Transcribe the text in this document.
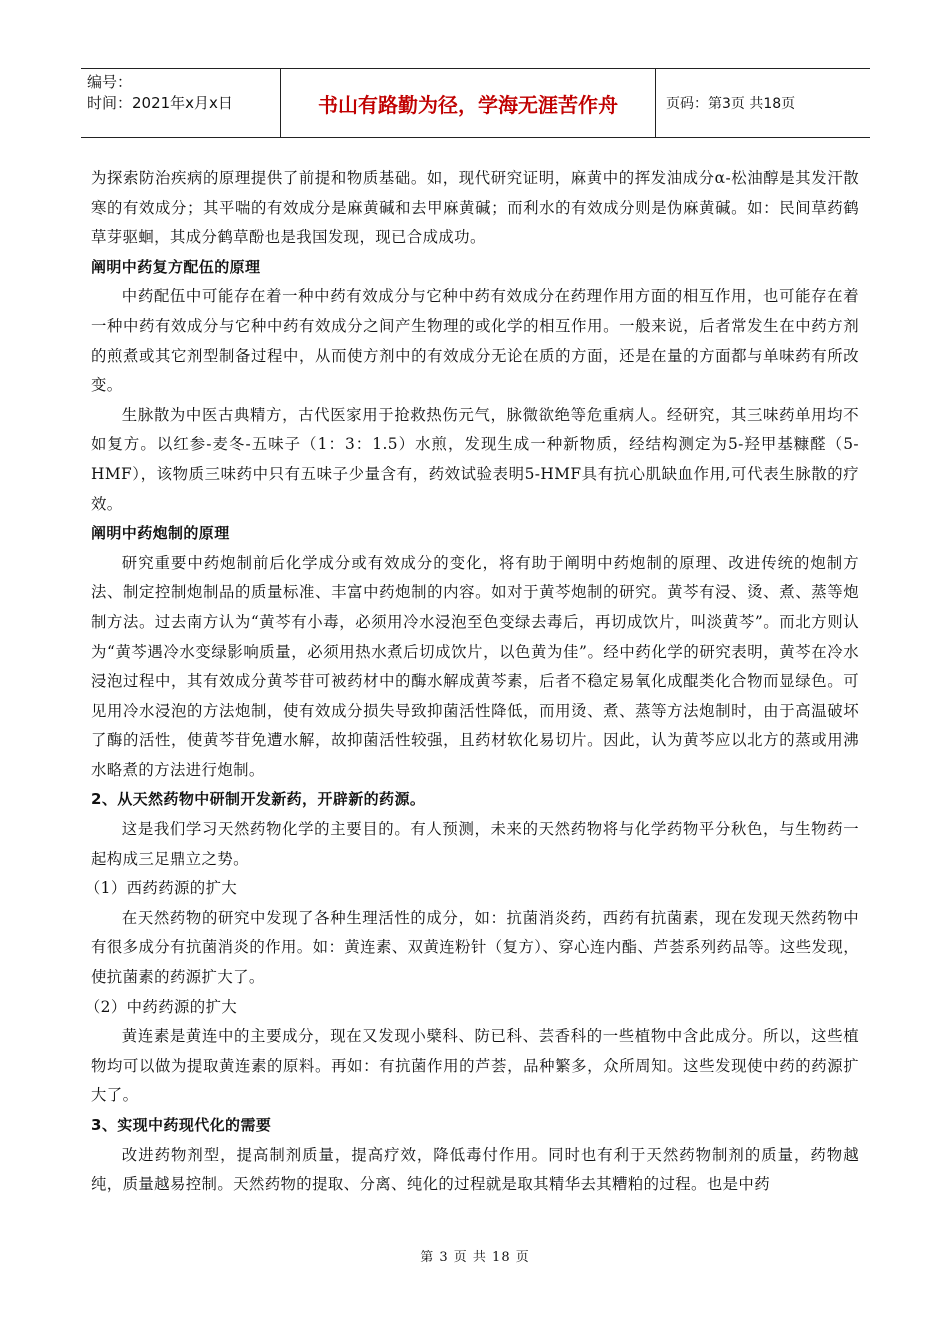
编号：
时间：2021年x月x日	书山有路勤为径，学海无涯苦作舟	页码：第3页 共18页

为探索防治疾病的原理提供了前提和物质基础。如，现代研究证明，麻黄中的挥发油成分α-松油醇是其发汗散寒的有效成分；其平喘的有效成分是麻黄碱和去甲麻黄碱；而利水的有效成分则是伪麻黄碱。如：民间草药鹤草芽驱蛔，其成分鹤草酚也是我国发现，现已合成成功。

阐明中药复方配伍的原理

中药配伍中可能存在着一种中药有效成分与它种中药有效成分在药理作用方面的相互作用，也可能存在着一种中药有效成分与它种中药有效成分之间产生物理的或化学的相互作用。一般来说，后者常发生在中药方剂的煎煮或其它剂型制备过程中，从而使方剂中的有效成分无论在质的方面，还是在量的方面都与单味药有所改变。

生脉散为中医古典精方，古代医家用于抢救热伤元气，脉微欲绝等危重病人。经研究，其三味药单用均不如复方。以红参-麦冬-五味子（1：3：1.5）水煎，发现生成一种新物质，经结构测定为5-羟甲基糠醛（5-HMF），该物质三味药中只有五味子少量含有，药效试验表明5-HMF具有抗心肌缺血作用,可代表生脉散的疗效。

阐明中药炮制的原理

研究重要中药炮制前后化学成分或有效成分的变化，将有助于阐明中药炮制的原理、改进传统的炮制方法、制定控制炮制品的质量标准、丰富中药炮制的内容。如对于黄芩炮制的研究。黄芩有浸、烫、煮、蒸等炮制方法。过去南方认为“黄芩有小毒，必须用冷水浸泡至色变绿去毒后，再切成饮片，叫淡黄芩”。而北方则认为“黄芩遇冷水变绿影响质量，必须用热水煮后切成饮片，以色黄为佳”。经中药化学的研究表明，黄芩在冷水浸泡过程中，其有效成分黄芩苷可被药材中的酶水解成黄芩素，后者不稳定易氧化成醌类化合物而显绿色。可见用冷水浸泡的方法炮制，使有效成分损失导致抑菌活性降低，而用烫、煮、蒸等方法炮制时，由于高温破坏了酶的活性，使黄芩苷免遭水解，故抑菌活性较强，且药材软化易切片。因此，认为黄芩应以北方的蒸或用沸水略煮的方法进行炮制。

2、从天然药物中研制开发新药，开辟新的药源。

这是我们学习天然药物化学的主要目的。有人预测，未来的天然药物将与化学药物平分秋色，与生物药一起构成三足鼎立之势。

（1）西药药源的扩大

在天然药物的研究中发现了各种生理活性的成分，如：抗菌消炎药，西药有抗菌素，现在发现天然药物中有很多成分有抗菌消炎的作用。如：黄连素、双黄连粉针（复方）、穿心连内酯、芦荟系列药品等。这些发现，使抗菌素的药源扩大了。

（2）中药药源的扩大

黄连素是黄连中的主要成分，现在又发现小檗科、防已科、芸香科的一些植物中含此成分。所以，这些植物均可以做为提取黄连素的原料。再如：有抗菌作用的芦荟，品种繁多，众所周知。这些发现使中药的药源扩大了。

3、实现中药现代化的需要

改进药物剂型，提高制剂质量，提高疗效，降低毒付作用。同时也有利于天然药物制剂的质量，药物越纯，质量越易控制。天然药物的提取、分离、纯化的过程就是取其精华去其糟粕的过程。也是中药

第 3 页 共 18 页
